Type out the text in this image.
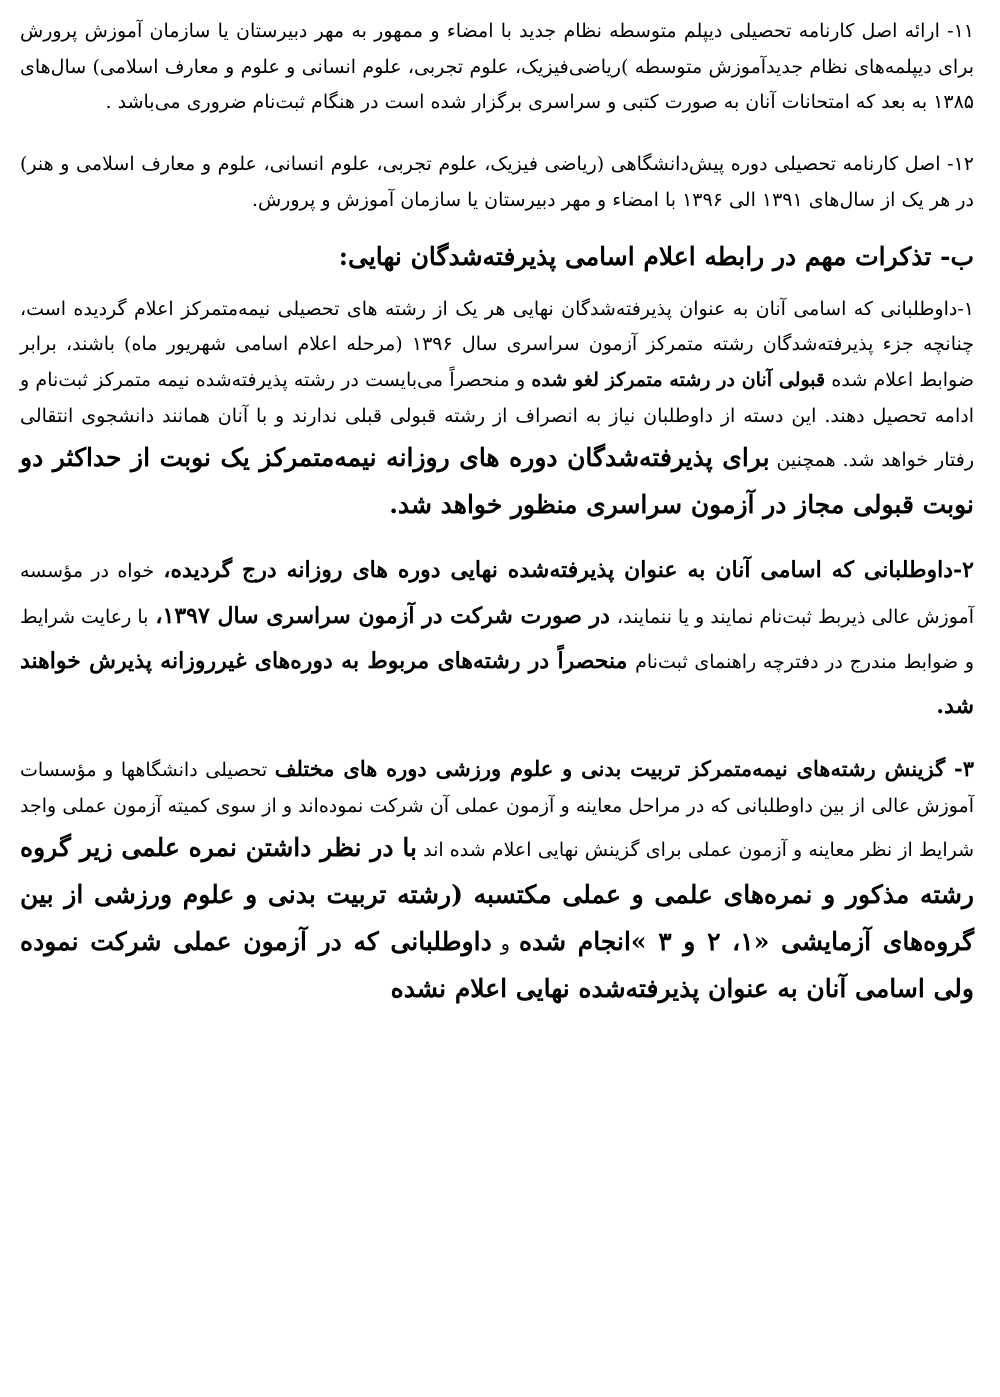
۱۱- ارائه اصل کارنامه تحصیلی دیپلم متوسطه نظام جدید با امضاء و ممهور به مهر دبیرستان یا سازمان آموزش پرورش برای دیپلمه‌های نظام جدیدآموزش متوسطه )ریاضی‌فیزیک، علوم تجربی، علوم انسانی و علوم و معارف اسلامی) سال‌های ۱۳۸۵ به بعد که امتحانات آنان به صورت کتبی و سراسری برگزار شده است در هنگام ثبت‌نام ضروری می‌باشد .

۱۲- اصل کارنامه تحصیلی دوره پیش‌دانشگاهی (ریاضی فیزیک، علوم تجربی، علوم انسانی، علوم و معارف اسلامی و هنر) در هر یک از سال‌های ۱۳۹۱ الی ۱۳۹۶ با امضاء و مهر دبیرستان یا سازمان آموزش و پرورش.

ب- تذکرات مهم در رابطه اعلام اسامی پذیرفته‌شدگان نهایی:

۱-داوطلبانی که اسامی آنان به عنوان پذیرفته‌شدگان نهایی هر یک از رشته های تحصیلی نیمه‌متمرکز اعلام گردیده است، چنانچه جزء پذیرفته‌شدگان رشته متمرکز آزمون سراسری سال ۱۳۹۶ (مرحله اعلام اسامی شهریور ماه) باشند، برابر ضوابط اعلام شده قبولی آنان در رشته متمرکز لغو شده و منحصراً می‌بایست در رشته پذیرفته‌شده نیمه متمرکز ثبت‌نام و ادامه تحصیل دهند. این دسته از داوطلبان نیاز به انصراف از رشته قبولی قبلی ندارند و با آنان همانند دانشجوی انتقالی رفتار خواهد شد. همچنین برای پذیرفته‌شدگان دوره های روزانه نیمه‌متمرکز یک نوبت از حداکثر دو نوبت قبولی مجاز در آزمون سراسری منظور خواهد شد.

۲-داوطلبانی که اسامی آنان به عنوان پذیرفته‌شده نهایی دوره های روزانه درج گردیده، خواه در مؤسسه آموزش عالی ذیربط ثبت‌نام نمایند و یا ننمایند، در صورت شرکت در آزمون سراسری سال ۱۳۹۷، با رعایت شرایط و ضوابط مندرج در دفترچه راهنمای ثبت‌نام منحصراً در رشته‌های مربوط به دوره‌های غیرروزانه پذیرش خواهند شد.

۳- گزینش رشته‌های نیمه‌متمرکز تربیت بدنی و علوم ورزشی دوره های مختلف تحصیلی دانشگاهها و مؤسسات آموزش عالی از بین داوطلبانی که در مراحل معاینه و آزمون عملی آن شرکت نموده‌اند و از سوی کمیته آزمون عملی واجد شرایط از نظر معاینه و آزمون عملی برای گزینش نهایی اعلام شده اند با در نظر داشتن نمره علمی زیر گروه رشته مذکور و نمره‌های علمی و عملی مکتسبه (رشته تربیت بدنی و علوم ورزشی از بین گروه‌های آزمایشی «۱، ۲ و ۳ »انجام شده و داوطلبانی که در آزمون عملی شرکت نموده ولی اسامی آنان به عنوان پذیرفته‌شده نهایی اعلام نشده
